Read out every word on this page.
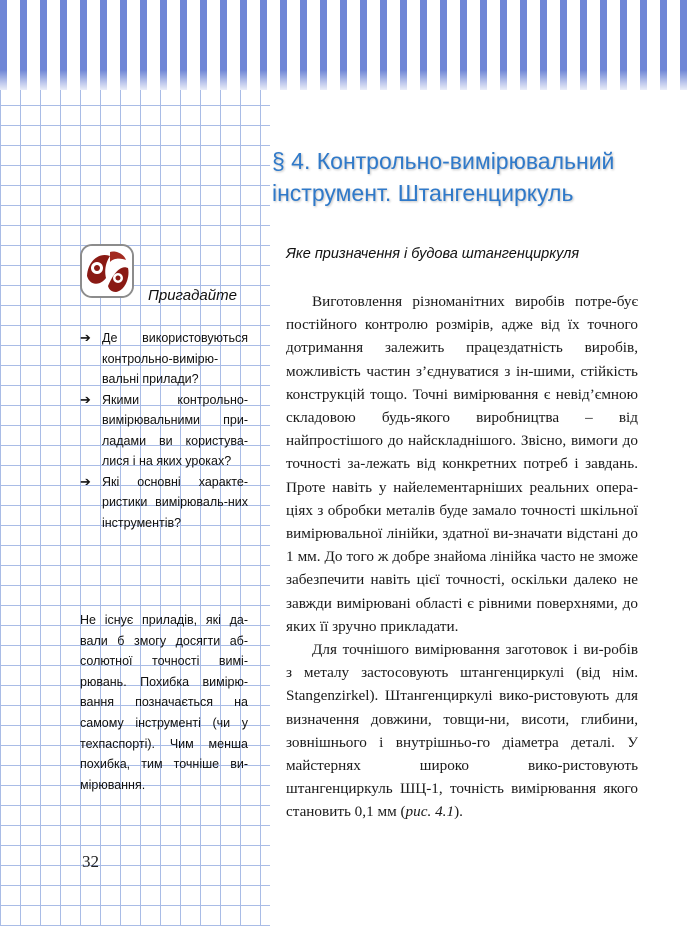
§ 4. Контрольно-вимірювальний
інструмент. Штангенциркуль
Яке призначення і будова штангенциркуля
Пригадайте
➔ Де використовуються контрольно-вимірю-вальні прилади?
➔ Якими контрольно-вимірювальними при-ладами ви користува-лися і на яких уроках?
➔ Які основні характе-ристики вимірюваль-них інструментів?
Не існує приладів, які да-вали б змогу досягти аб-солютної точності вимі-рювань. Похибка вимірю-вання позначається на самому інструменті (чи у техпаспорті). Чим менша похибка, тим точніше ви-мірювання.

Виготовлення різноманітних виробів потре-бує постійного контролю розмірів, адже від їх точного дотримання залежить працездатність виробів, можливість частин з’єднуватися з ін-шими, стійкість конструкцій тощо. Точні вимірювання є невід’ємною складовою будь-якого виробництва – від найпростішого до найскладнішого. Звісно, вимоги до точності за-лежать від конкретних потреб і завдань. Проте навіть у найелементарніших реальних опера-ціях з обробки металів буде замало точності шкільної вимірювальної лінійки, здатної ви-значати відстані до 1 мм. До того ж добре знайома лінійка часто не зможе забезпечити навіть цієї точності, оскільки далеко не завжди вимірювані області є рівними поверхнями, до яких її зручно прикладати.

Для точнішого вимірювання заготовок і ви-робів з металу застосовують штангенциркулі (від нім. Stangenzirkel). Штангенциркулі вико-ристовують для визначення довжини, товщи-ни, висоти, глибини, зовнішнього і внутрішньо-го діаметра деталі. У майстернях широко вико-ристовують штангенциркуль ШЦ-1, точність вимірювання якого становить 0,1 мм (рис. 4.1).

32
